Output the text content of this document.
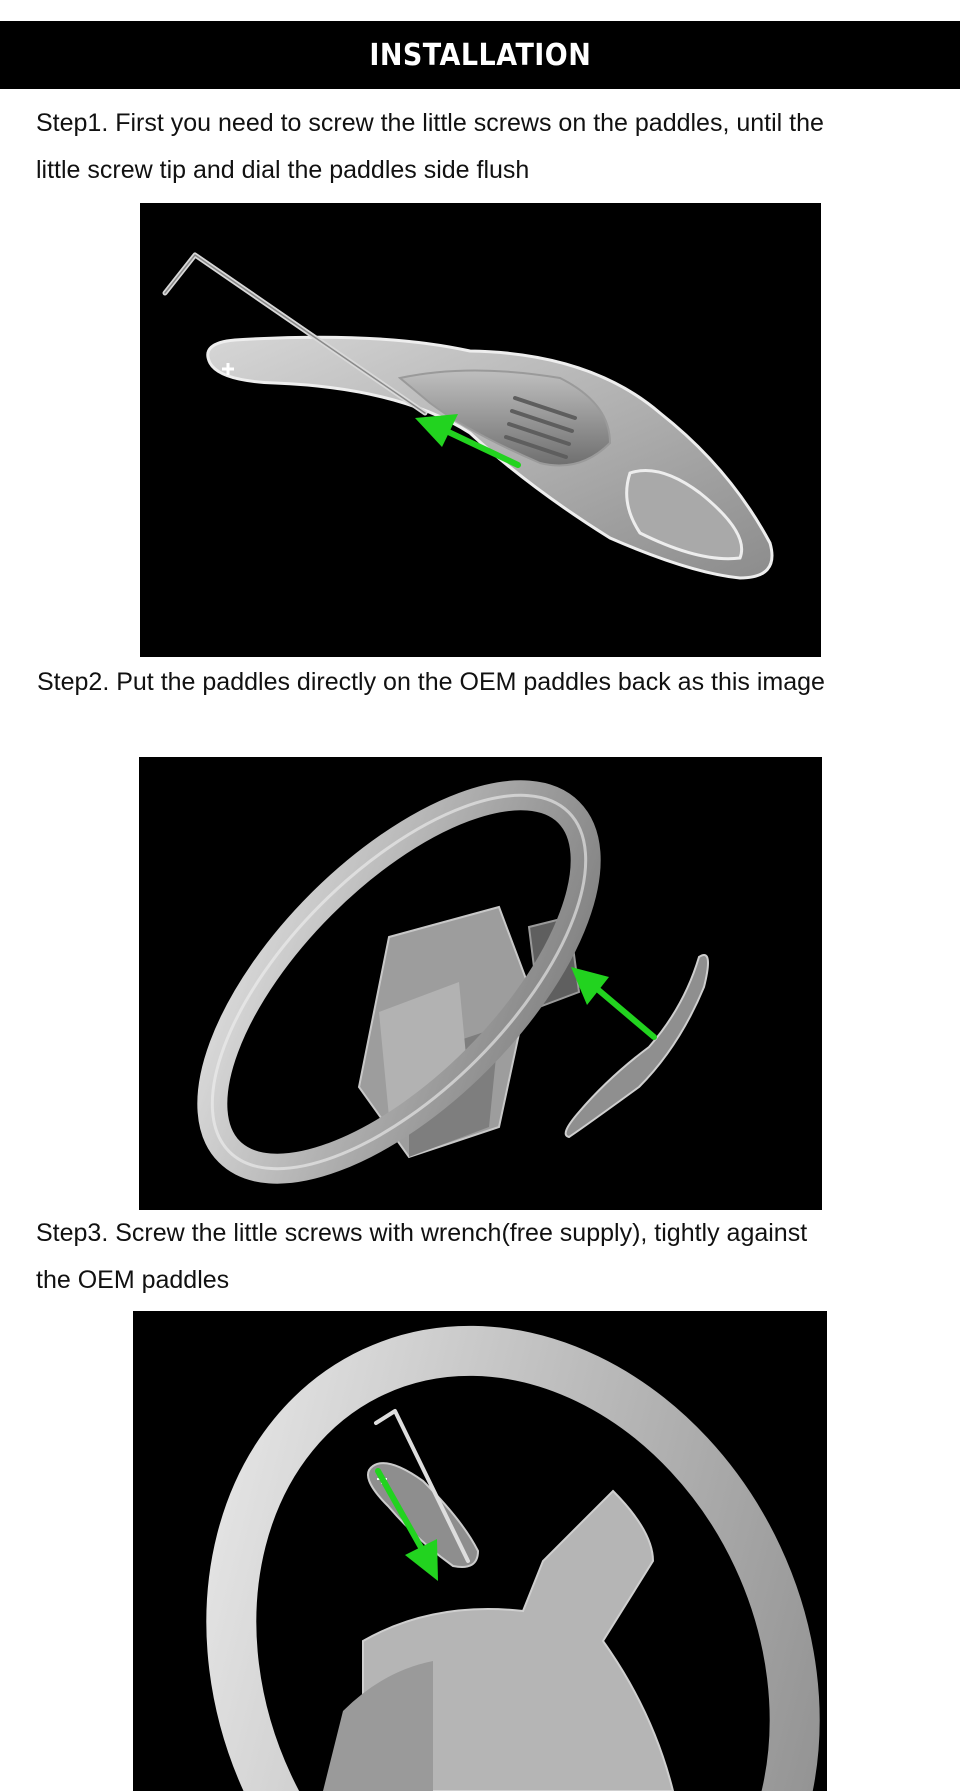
INSTALLATION

Step1. First you need to screw the little screws on the paddles, until the little screw tip and dial the paddles side flush

Step2. Put the paddles directly on the OEM paddles back as this image

Step3. Screw the little screws with wrench(free supply), tightly against the OEM paddles
